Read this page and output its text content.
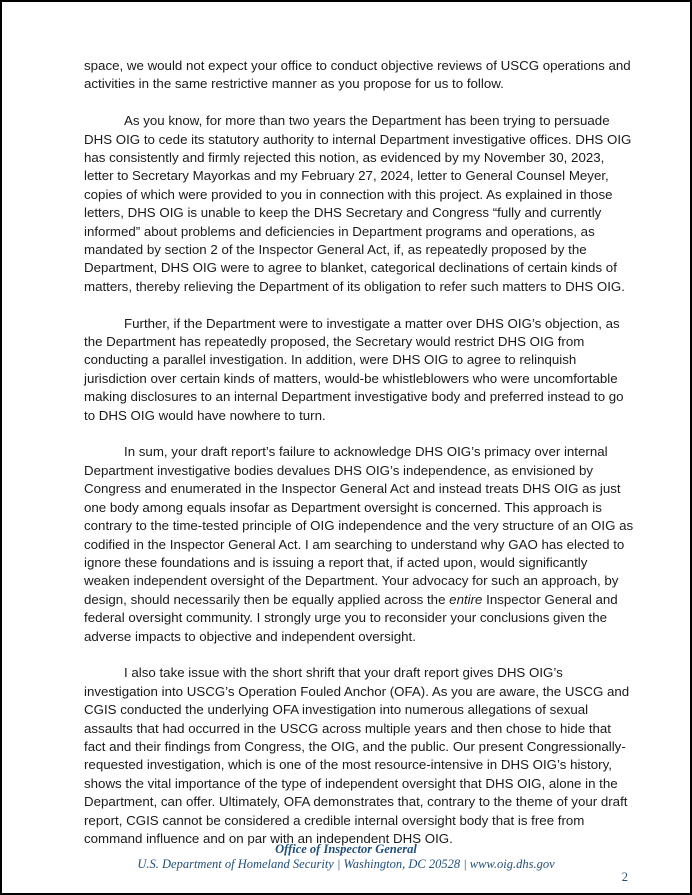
space, we would not expect your office to conduct objective reviews of USCG operations and activities in the same restrictive manner as you propose for us to follow.

As you know, for more than two years the Department has been trying to persuade DHS OIG to cede its statutory authority to internal Department investigative offices. DHS OIG has consistently and firmly rejected this notion, as evidenced by my November 30, 2023, letter to Secretary Mayorkas and my February 27, 2024, letter to General Counsel Meyer, copies of which were provided to you in connection with this project. As explained in those letters, DHS OIG is unable to keep the DHS Secretary and Congress “fully and currently informed” about problems and deficiencies in Department programs and operations, as mandated by section 2 of the Inspector General Act, if, as repeatedly proposed by the Department, DHS OIG were to agree to blanket, categorical declinations of certain kinds of matters, thereby relieving the Department of its obligation to refer such matters to DHS OIG.

Further, if the Department were to investigate a matter over DHS OIG’s objection, as the Department has repeatedly proposed, the Secretary would restrict DHS OIG from conducting a parallel investigation. In addition, were DHS OIG to agree to relinquish jurisdiction over certain kinds of matters, would-be whistleblowers who were uncomfortable making disclosures to an internal Department investigative body and preferred instead to go to DHS OIG would have nowhere to turn.

In sum, your draft report’s failure to acknowledge DHS OIG’s primacy over internal Department investigative bodies devalues DHS OIG’s independence, as envisioned by Congress and enumerated in the Inspector General Act and instead treats DHS OIG as just one body among equals insofar as Department oversight is concerned. This approach is contrary to the time-tested principle of OIG independence and the very structure of an OIG as codified in the Inspector General Act. I am searching to understand why GAO has elected to ignore these foundations and is issuing a report that, if acted upon, would significantly weaken independent oversight of the Department. Your advocacy for such an approach, by design, should necessarily then be equally applied across the entire Inspector General and federal oversight community. I strongly urge you to reconsider your conclusions given the adverse impacts to objective and independent oversight.

I also take issue with the short shrift that your draft report gives DHS OIG’s investigation into USCG’s Operation Fouled Anchor (OFA). As you are aware, the USCG and CGIS conducted the underlying OFA investigation into numerous allegations of sexual assaults that had occurred in the USCG across multiple years and then chose to hide that fact and their findings from Congress, the OIG, and the public. Our present Congressionally-requested investigation, which is one of the most resource-intensive in DHS OIG’s history, shows the vital importance of the type of independent oversight that DHS OIG, alone in the Department, can offer. Ultimately, OFA demonstrates that, contrary to the theme of your draft report, CGIS cannot be considered a credible internal oversight body that is free from command influence and on par with an independent DHS OIG.

Office of Inspector General
U.S. Department of Homeland Security | Washington, DC 20528 | www.oig.dhs.gov
2
